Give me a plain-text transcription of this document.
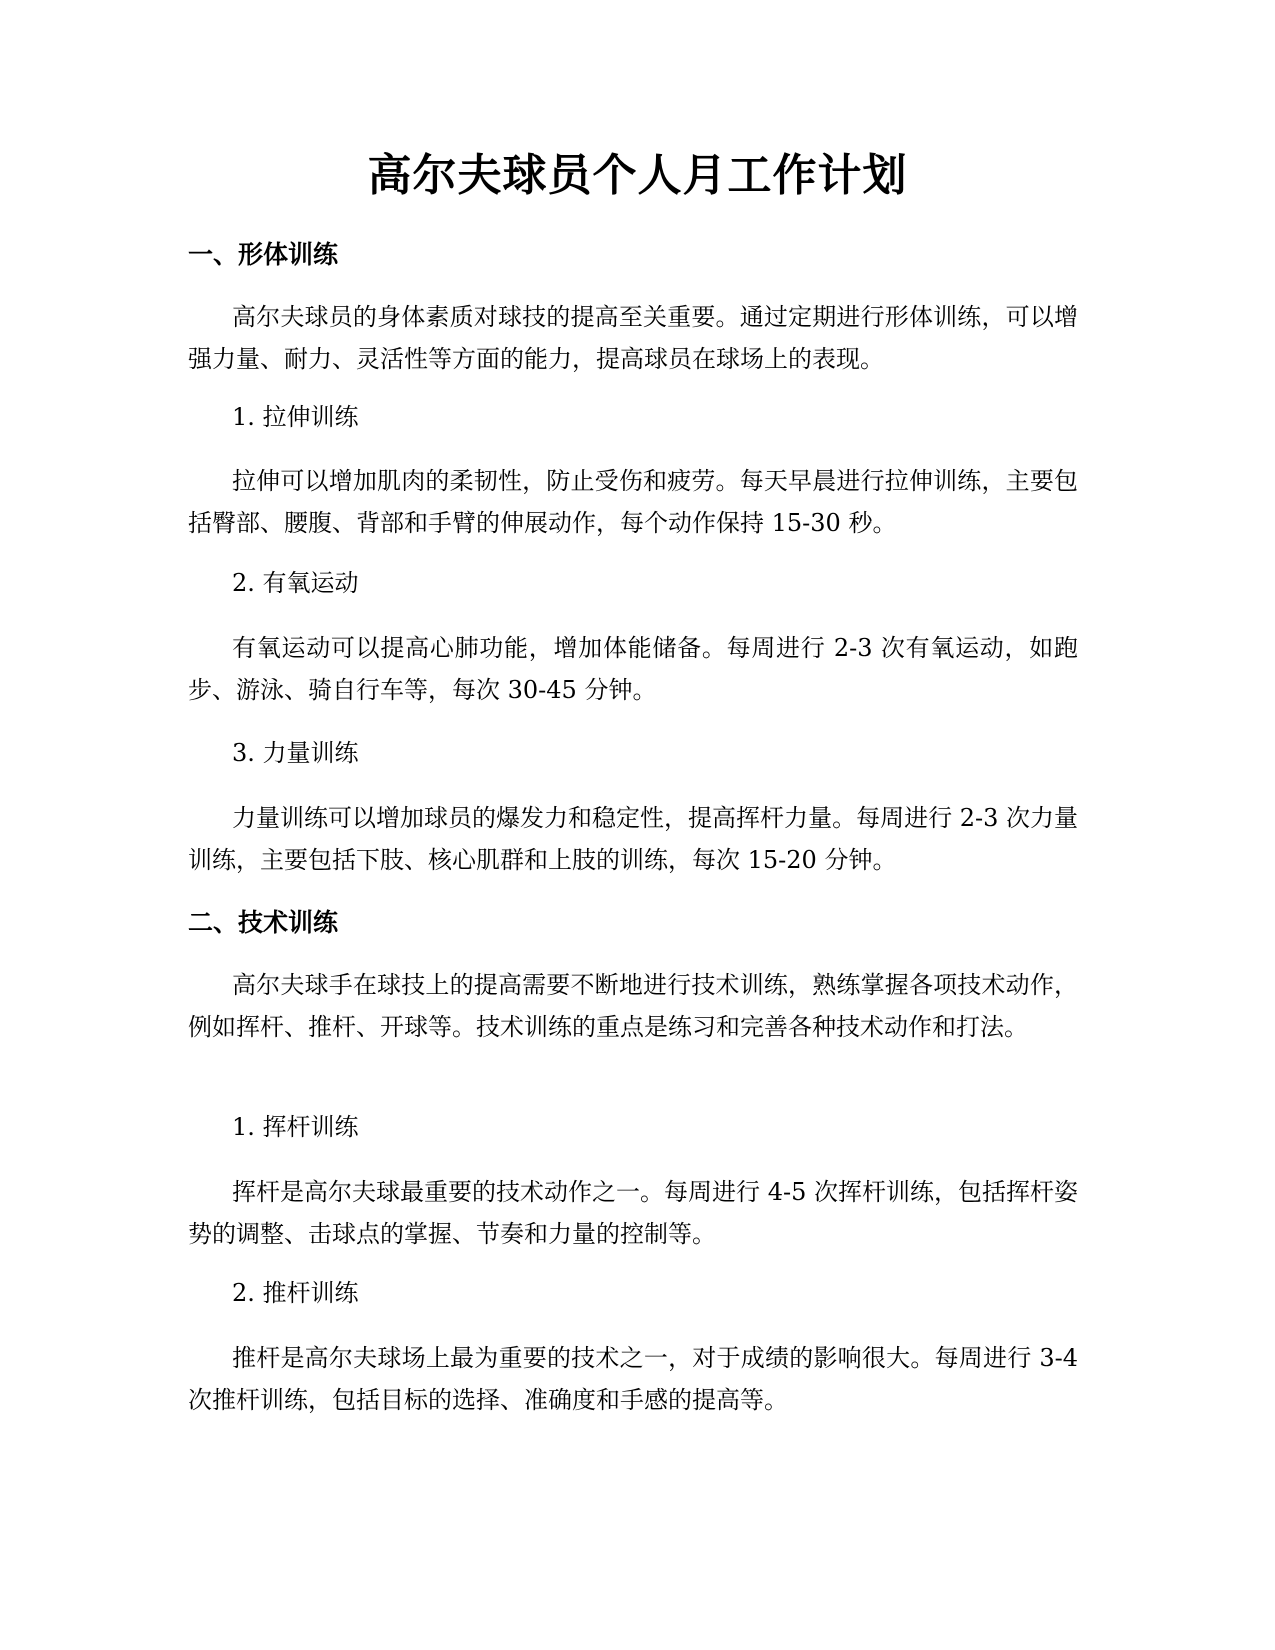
高尔夫球员个人月工作计划
一、形体训练

高尔夫球员的身体素质对球技的提高至关重要。通过定期进行形体训练，可以增强力量、耐力、灵活性等方面的能力，提高球员在球场上的表现。

1. 拉伸训练

拉伸可以增加肌肉的柔韧性，防止受伤和疲劳。每天早晨进行拉伸训练，主要包括臀部、腰腹、背部和手臂的伸展动作，每个动作保持 15-30 秒。

2. 有氧运动

有氧运动可以提高心肺功能，增加体能储备。每周进行 2-3 次有氧运动，如跑步、游泳、骑自行车等，每次 30-45 分钟。

3. 力量训练

力量训练可以增加球员的爆发力和稳定性，提高挥杆力量。每周进行 2-3 次力量训练，主要包括下肢、核心肌群和上肢的训练，每次 15-20 分钟。

二、技术训练

高尔夫球手在球技上的提高需要不断地进行技术训练，熟练掌握各项技术动作，例如挥杆、推杆、开球等。技术训练的重点是练习和完善各种技术动作和打法。

1. 挥杆训练

挥杆是高尔夫球最重要的技术动作之一。每周进行 4-5 次挥杆训练，包括挥杆姿势的调整、击球点的掌握、节奏和力量的控制等。

2. 推杆训练

推杆是高尔夫球场上最为重要的技术之一，对于成绩的影响很大。每周进行 3-4 次推杆训练，包括目标的选择、准确度和手感的提高等。
